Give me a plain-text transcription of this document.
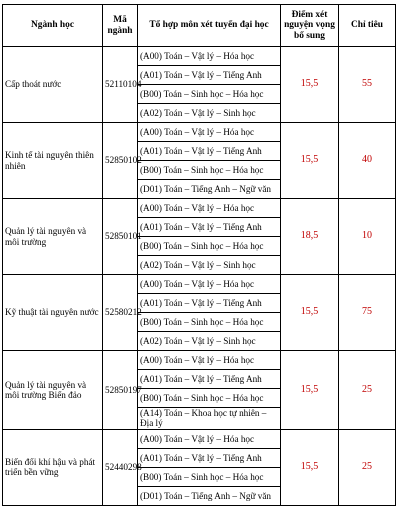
Ngành học	Mã ngành	Tổ hợp môn xét tuyển đại học	Điểm xét nguyện vọng bổ sung	Chỉ tiêu
Cấp thoát nước	52110104	(A00) Toán – Vật lý – Hóa học	15,5	55
		(A01) Toán – Vật lý – Tiếng Anh		
		(B00) Toán – Sinh học – Hóa học		
		(A02) Toán – Vật lý – Sinh học		
Kinh tế tài nguyên thiên nhiên	52850102	(A00) Toán – Vật lý – Hóa học	15,5	40
		(A01) Toán – Vật lý – Tiếng Anh		
		(B00) Toán – Sinh học – Hóa học		
		(D01) Toán – Tiếng Anh – Ngữ văn		
Quản lý tài nguyên và môi trường	52850101	(A00) Toán – Vật lý – Hóa học	18,5	10
		(A01) Toán – Vật lý – Tiếng Anh		
		(B00) Toán – Sinh học – Hóa học		
		(A02) Toán – Vật lý – Sinh học		
Kỹ thuật tài nguyên nước	52580212	(A00) Toán – Vật lý – Hóa học	15,5	75
		(A01) Toán – Vật lý – Tiếng Anh		
		(B00) Toán – Sinh học – Hóa học		
		(A02) Toán – Vật lý – Sinh học		
Quản lý tài nguyên và môi trường Biển đảo	52850197	(A00) Toán – Vật lý – Hóa học	15,5	25
		(A01) Toán – Vật lý – Tiếng Anh		
		(B00) Toán – Sinh học – Hóa học		
		(A14) Toán – Khoa học tự nhiên – Địa lý		
Biến đổi khí hậu và phát triển bền vững	52440298	(A00) Toán – Vật lý – Hóa học	15,5	25
		(A01) Toán – Vật lý – Tiếng Anh		
		(B00) Toán – Sinh học – Hóa học		
		(D01) Toán – Tiếng Anh – Ngữ văn		
